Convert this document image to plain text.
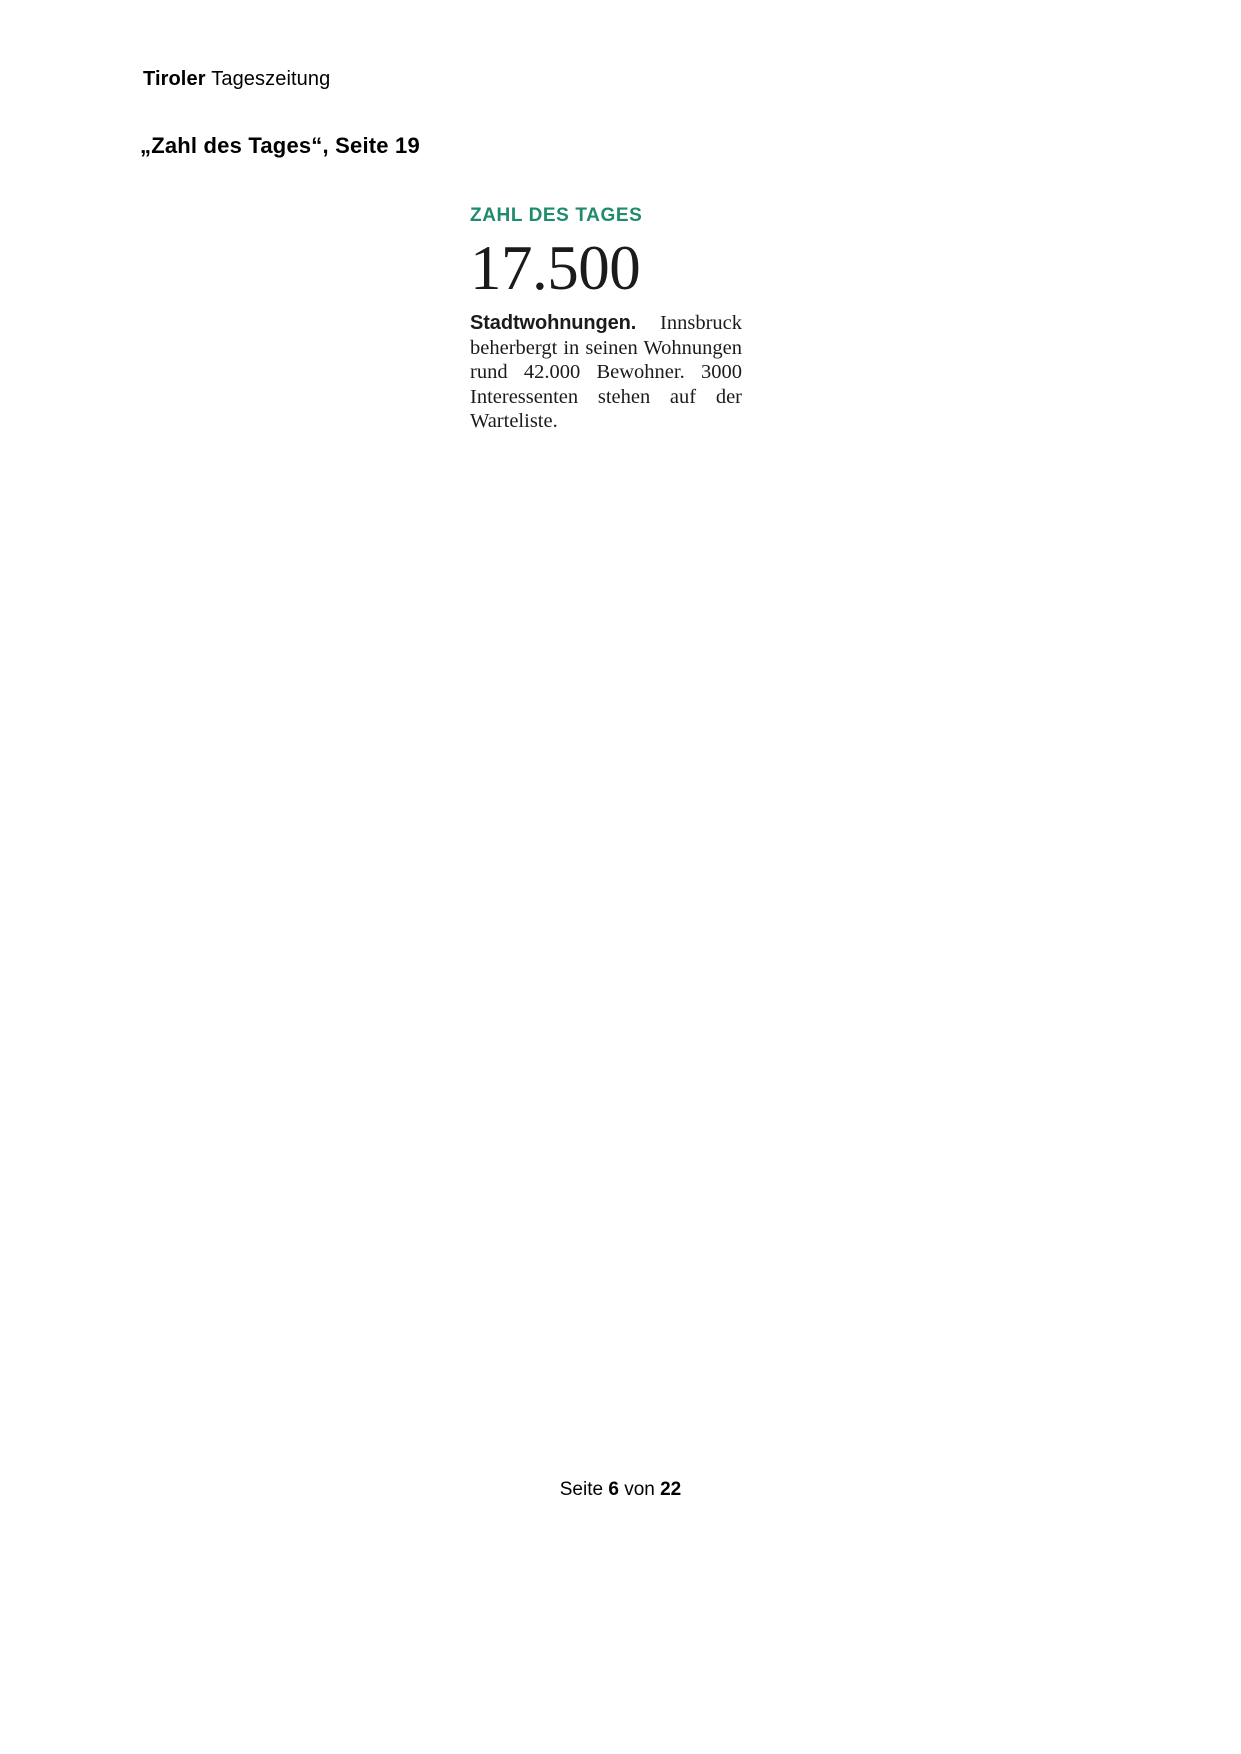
Tiroler Tageszeitung
„Zahl des Tages“, Seite 19
ZAHL DES TAGES
17.500

Stadtwohnungen. Innsbruck beherbergt in seinen Wohnungen rund 42.000 Bewohner. 3000 Interessenten stehen auf der Warteliste.

Seite 6 von 22
